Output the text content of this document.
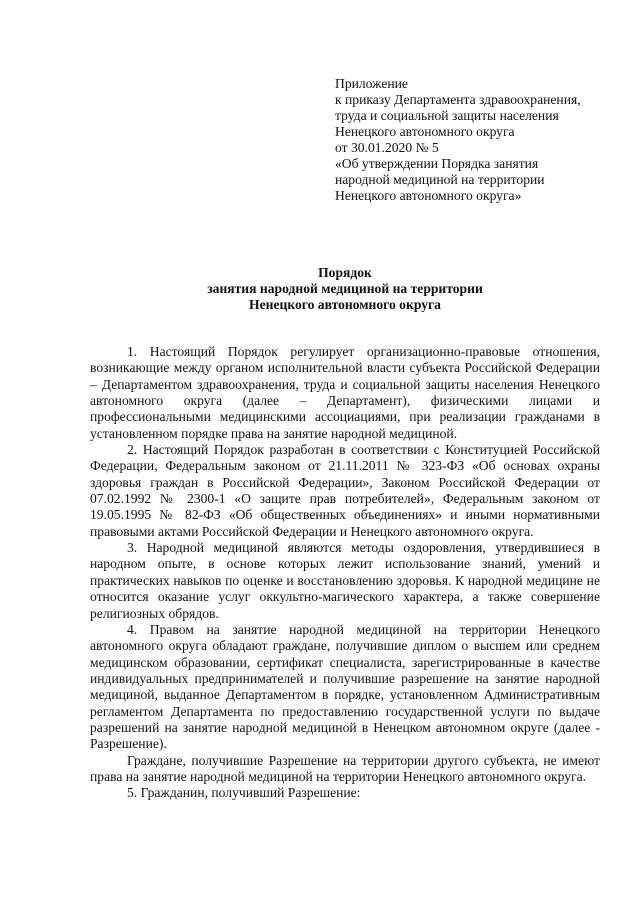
Приложение
к приказу Департамента здравоохранения,
труда и социальной защиты населения
Ненецкого автономного округа
от 30.01.2020 № 5
«Об утверждении Порядка занятия
народной медициной на территории
Ненецкого автономного округа»
Порядок
занятия народной медициной на территории
Ненецкого автономного округа

1. Настоящий Порядок регулирует организационно-правовые отношения, возникающие между органом исполнительной власти субъекта Российской Федерации – Департаментом здравоохранения, труда и социальной защиты населения Ненецкого автономного округа (далее – Департамент), физическими лицами и профессиональными медицинскими ассоциациями, при реализации гражданами в установленном порядке права на занятие народной медициной.

2. Настоящий Порядок разработан в соответствии с Конституцией Российской Федерации, Федеральным законом от 21.11.2011 № 323-ФЗ «Об основах охраны здоровья граждан в Российской Федерации», Законом Российской Федерации от 07.02.1992 № 2300-1 «О защите прав потребителей», Федеральным законом от 19.05.1995 № 82-ФЗ «Об общественных объединениях» и иными нормативными правовыми актами Российской Федерации и Ненецкого автономного округа.

3. Народной медициной являются методы оздоровления, утвердившиеся в народном опыте, в основе которых лежит использование знаний, умений и практических навыков по оценке и восстановлению здоровья. К народной медицине не относится оказание услуг оккультно-магического характера, а также совершение религиозных обрядов.

4. Правом на занятие народной медициной на территории Ненецкого автономного округа обладают граждане, получившие диплом о высшем или среднем медицинском образовании, сертификат специалиста, зарегистрированные в качестве индивидуальных предпринимателей и получившие разрешение на занятие народной медициной, выданное Департаментом в порядке, установленном Административным регламентом Департамента по предоставлению государственной услуги по выдаче разрешений на занятие народной медициной в Ненецком автономном округе (далее - Разрешение).

Граждане, получившие Разрешение на территории другого субъекта, не имеют права на занятие народной медициной на территории Ненецкого автономного округа.

5. Гражданин, получивший Разрешение:
